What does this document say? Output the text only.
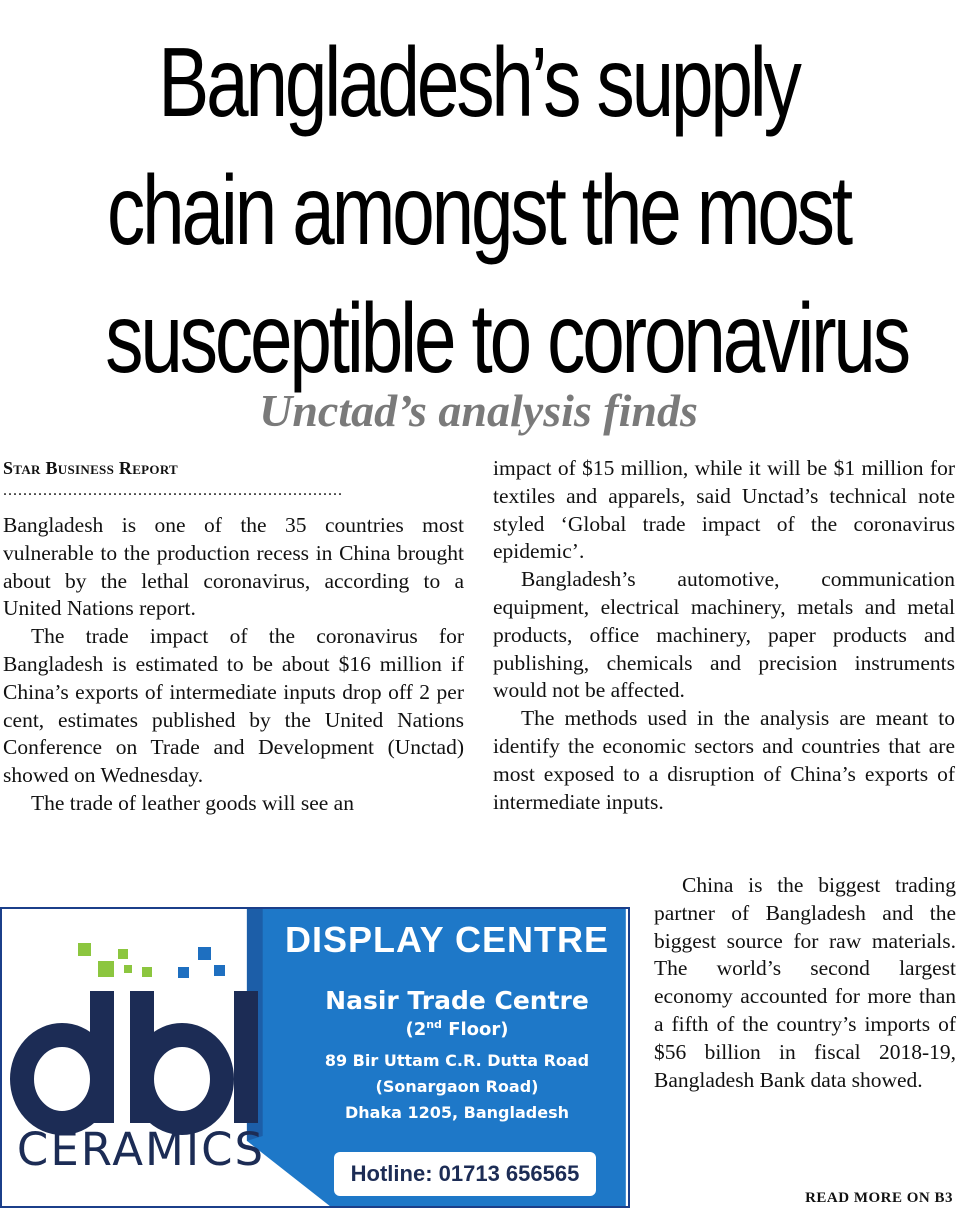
Bangladesh’s supply
chain amongst the most
susceptible to coronavirus
Unctad’s analysis finds
Star Business Report
....................................................................

Bangladesh is one of the 35 countries most vulnerable to the production recess in China brought about by the lethal coronavirus, according to a United Nations report.

The trade impact of the coronavirus for Bangladesh is estimated to be about $16 million if China’s exports of intermediate inputs drop off 2 per cent, estimates published by the United Nations Conference on Trade and Development (Unctad) showed on Wednesday.

The trade of leather goods will see an

impact of $15 million, while it will be $1 million for textiles and apparels, said Unctad’s technical note styled ‘Global trade impact of the coronavirus epidemic’.

Bangladesh’s automotive, communication equipment, electrical machinery, metals and metal products, office machinery, paper products and publishing, chemicals and precision instruments would not be affected.

The methods used in the analysis are meant to identify the economic sectors and countries that are most exposed to a disruption of China’s exports of intermediate inputs.

China is the biggest trading partner of Bangladesh and the biggest source for raw materials. The world’s second largest economy accounted for more than a fifth of the country’s imports of $56 billion in fiscal 2018-19, Bangladesh Bank data showed.

READ MORE ON B3
CERAMICS
DISPLAY CENTRE
Nasir Trade Centre
(2nd Floor)
89 Bir Uttam C.R. Dutta Road
(Sonargaon Road)
Dhaka 1205, Bangladesh
Hotline: 01713 656565
